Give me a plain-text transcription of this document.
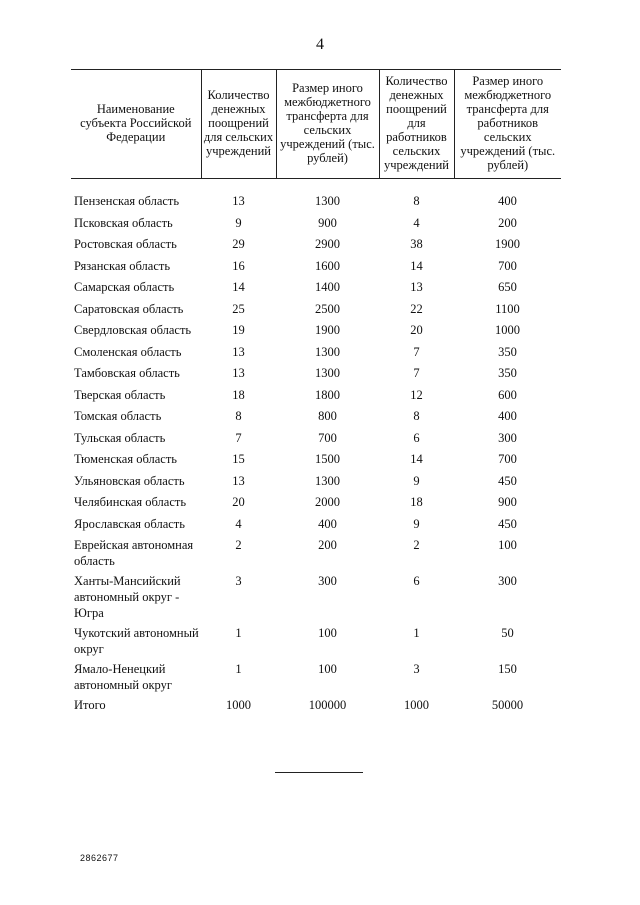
4
Наименование субъекта Российской Федерации	Количество денежных поощрений для сельских учреждений	Размер иного межбюджетного трансферта для сельских учреждений (тыс. рублей)	Количество денежных поощрений для работников сельских учреждений	Размер иного межбюджетного трансферта для работников сельских учреждений (тыс. рублей)

Пензенская область	13	1300	8	400
Псковская область	9	900	4	200
Ростовская область	29	2900	38	1900
Рязанская область	16	1600	14	700
Самарская область	14	1400	13	650
Саратовская область	25	2500	22	1100
Свердловская область	19	1900	20	1000
Смоленская область	13	1300	7	350
Тамбовская область	13	1300	7	350
Тверская область	18	1800	12	600
Томская область	8	800	8	400
Тульская область	7	700	6	300
Тюменская область	15	1500	14	700
Ульяновская область	13	1300	9	450
Челябинская область	20	2000	18	900
Ярославская область	4	400	9	450
Еврейская автономная область	2	200	2	100
Ханты-Мансийский автономный округ - Югра	3	300	6	300
Чукотский автономный округ	1	100	1	50
Ямало-Ненецкий автономный округ	1	100	3	150
Итого	1000	100000	1000	50000
2862677
